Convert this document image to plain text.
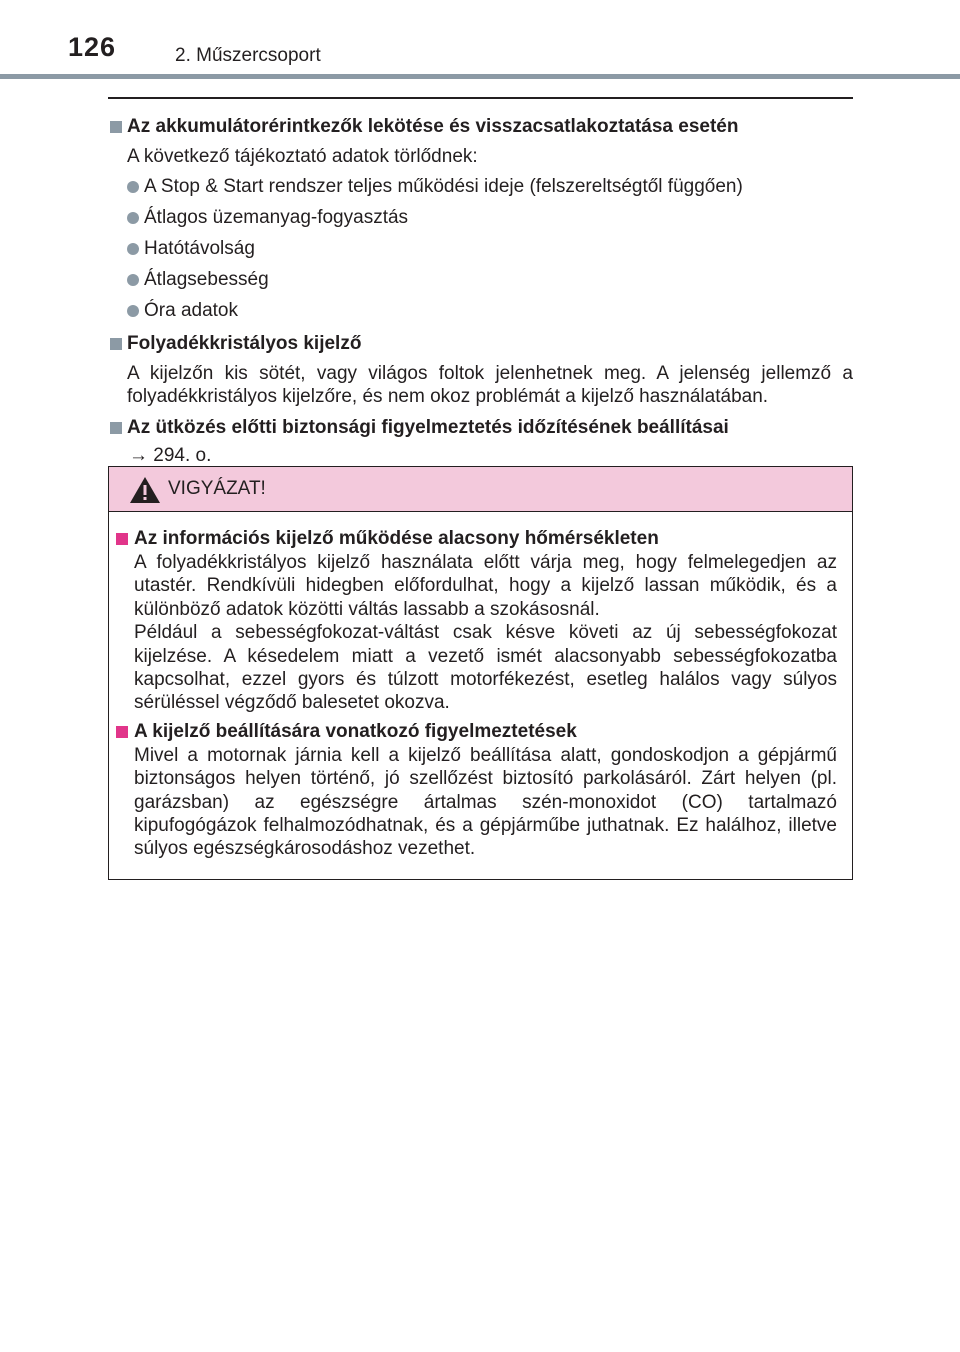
126	2. Műszercsoport
Az akkumulátorérintkezők lekötése és visszacsatlakoztatása esetén
A következő tájékoztató adatok törlődnek:
A Stop & Start rendszer teljes működési ideje (felszereltségtől függően)
Átlagos üzemanyag-fogyasztás
Hatótávolság
Átlagsebesség
Óra adatok
Folyadékkristályos kijelző
A kijelzőn kis sötét, vagy világos foltok jelenhetnek meg. A jelenség jellemző a folyadékkristályos kijelzőre, és nem okoz problémát a kijelző használatában.
Az ütközés előtti biztonsági figyelmeztetés időzítésének beállításai
→ 294. o.
VIGYÁZAT!
Az információs kijelző működése alacsony hőmérsékleten
A folyadékkristályos kijelző használata előtt várja meg, hogy felmelegedjen az utastér. Rendkívüli hidegben előfordulhat, hogy a kijelző lassan működik, és a különböző adatok közötti váltás lassabb a szokásosnál.
Például a sebességfokozat-váltást csak késve követi az új sebességfokozat kijelzése. A késedelem miatt a vezető ismét alacsonyabb sebességfokozatba kapcsolhat, ezzel gyors és túlzott motorfékezést, esetleg halálos vagy súlyos sérüléssel végződő balesetet okozva.
A kijelző beállítására vonatkozó figyelmeztetések
Mivel a motornak járnia kell a kijelző beállítása alatt, gondoskodjon a gépjármű biztonságos helyen történő, jó szellőzést biztosító parkolásáról. Zárt helyen (pl. garázsban) az egészségre ártalmas szén-monoxidot (CO) tartalmazó kipufogógázok felhalmozódhatnak, és a gépjárműbe juthatnak. Ez halálhoz, illetve súlyos egészségkárosodáshoz vezethet.
